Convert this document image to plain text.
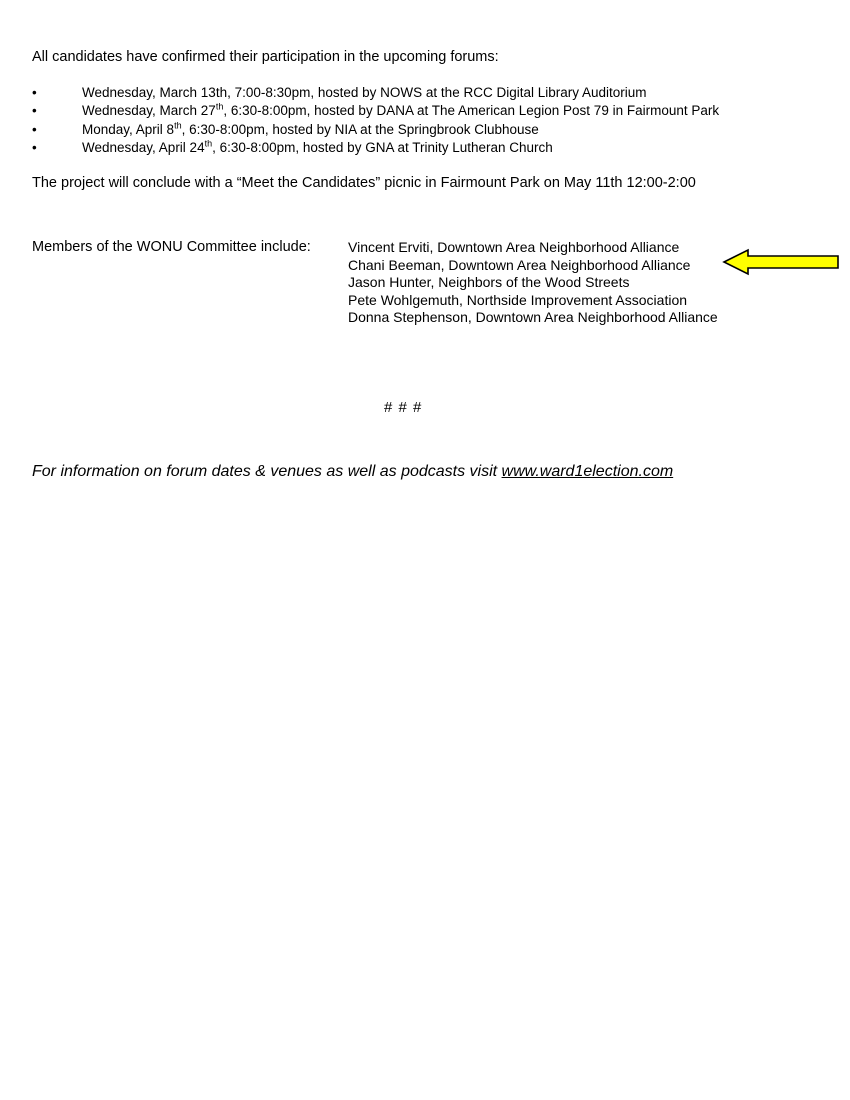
All candidates have confirmed their participation in the upcoming forums:

•	Wednesday, March 13th, 7:00-8:30pm, hosted by NOWS at the RCC Digital Library Auditorium
•	Wednesday, March 27th, 6:30-8:00pm, hosted by DANA at The American Legion Post 79 in Fairmount Park
•	Monday, April 8th, 6:30-8:00pm, hosted by NIA at the Springbrook Clubhouse
•	Wednesday, April 24th, 6:30-8:00pm, hosted by GNA at Trinity Lutheran Church

The project will conclude with a “Meet the Candidates” picnic in Fairmount Park on May 11th 12:00-2:00

Members of the WONU Committee include:	Vincent Erviti, Downtown Area Neighborhood Alliance
Chani Beeman, Downtown Area Neighborhood Alliance
Jason Hunter, Neighbors of the Wood Streets
Pete Wohlgemuth, Northside Improvement Association
Donna Stephenson, Downtown Area Neighborhood Alliance
# # #
For information on forum dates & venues as well as podcasts visit www.ward1election.com
